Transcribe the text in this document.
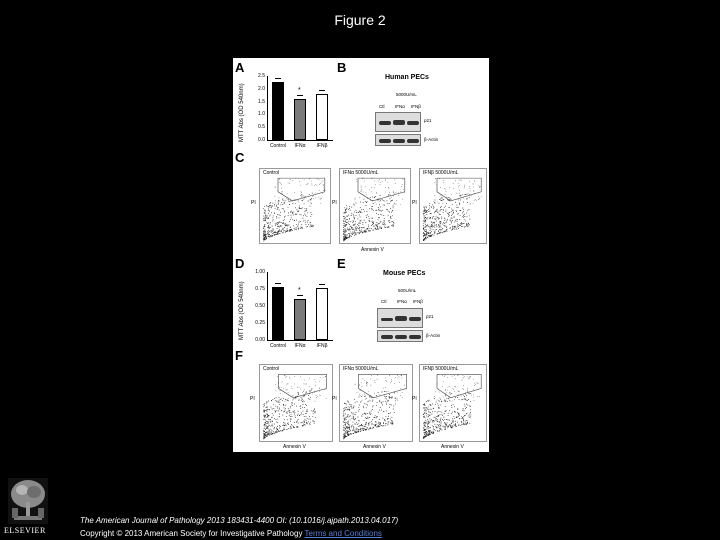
Figure 2
A
MTT Abs (OD 540nm)
2.5
2.0
1.5
1.0
0.5
0.0
Control	IFNα
*
IFNβ
B
Human PECs
5000U/mL
Ctl IFNα IFNβ
p21
β-Actin
C
Control	IFNα 5000U/mL	IFNβ 5000U/mL
PI	PI	PI
Annexin V
D
MTT Abs (OD 540nm)
1.00
0.75
0.50
0.25
0.00
Control	IFNα
*
IFNβ
E
Mouse PECs
500U/mL
Ctl IFNα IFNβ
p21
β-Actin
F
Control	IFNα 5000U/mL	IFNβ 5000U/mL
PI	PI	PI
Annexin V	Annexin V	Annexin V
ELSEVIER
The American Journal of Pathology 2013 183431-4400 OI: (10.1016/j.ajpath.2013.04.017)
Copyright © 2013 American Society for Investigative Pathology Terms and Conditions
